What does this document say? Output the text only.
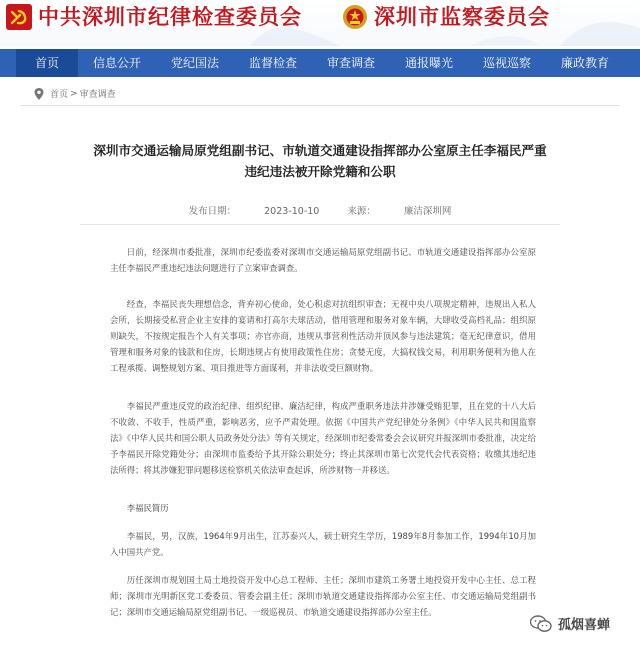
中共深圳市纪律检查委员会	深圳市监察委员会
首页	信息公开	党纪国法	监督检查	审查调查	通报曝光	巡视巡察	廉政教育
首页 > 审查调查
深圳市交通运输局原党组副书记、市轨道交通建设指挥部办公室原主任李福民严重违纪违法被开除党籍和公职
发布日期：	2023-10-10	来源：	廉洁深圳网

日前，经深圳市委批准，深圳市纪委监委对深圳市交通运输局原党组副书记、市轨道交通建设指挥部办公室原主任李福民严重违纪违法问题进行了立案审查调查。

经查，李福民丧失理想信念，背弃初心使命，处心积虑对抗组织审查；无视中央八项规定精神，违规出入私人会所，长期接受私营企业主安排的宴请和打高尔夫球活动，借用管理和服务对象车辆，大肆收受高档礼品；组织原则缺失，不按规定报告个人有关事项；亦官亦商，违规从事营利性活动并顶风参与违法建筑；毫无纪律意识，借用管理和服务对象的钱款和住房，长期违规占有使用政策性住房；贪婪无度，大搞权钱交易，利用职务便利为他人在工程承揽、调整规划方案、项目推进等方面谋利，并非法收受巨额财物。

李福民严重违反党的政治纪律、组织纪律、廉洁纪律，构成严重职务违法并涉嫌受贿犯罪，且在党的十八大后不收敛、不收手，性质严重，影响恶劣，应予严肃处理。依据《中国共产党纪律处分条例》《中华人民共和国监察法》《中华人民共和国公职人员政务处分法》等有关规定，经深圳市纪委常委会会议研究并报深圳市委批准，决定给予李福民开除党籍处分；由深圳市监委给予其开除公职处分；终止其深圳市第七次党代会代表资格；收缴其违纪违法所得；将其涉嫌犯罪问题移送检察机关依法审查起诉，所涉财物一并移送。

李福民简历

李福民，男，汉族，1964年9月出生，江苏泰兴人，硕士研究生学历，1989年8月参加工作，1994年10月加入中国共产党。

历任深圳市规划国土局土地投资开发中心总工程师、主任；深圳市建筑工务署土地投资开发中心主任、总工程师；深圳市光明新区党工委委员、管委会副主任；深圳市轨道交通建设指挥部办公室主任、市交通运输局党组副书记；深圳市交通运输局原党组副书记、一级巡视员、市轨道交通建设指挥部办公室主任。

孤烟喜蝉
